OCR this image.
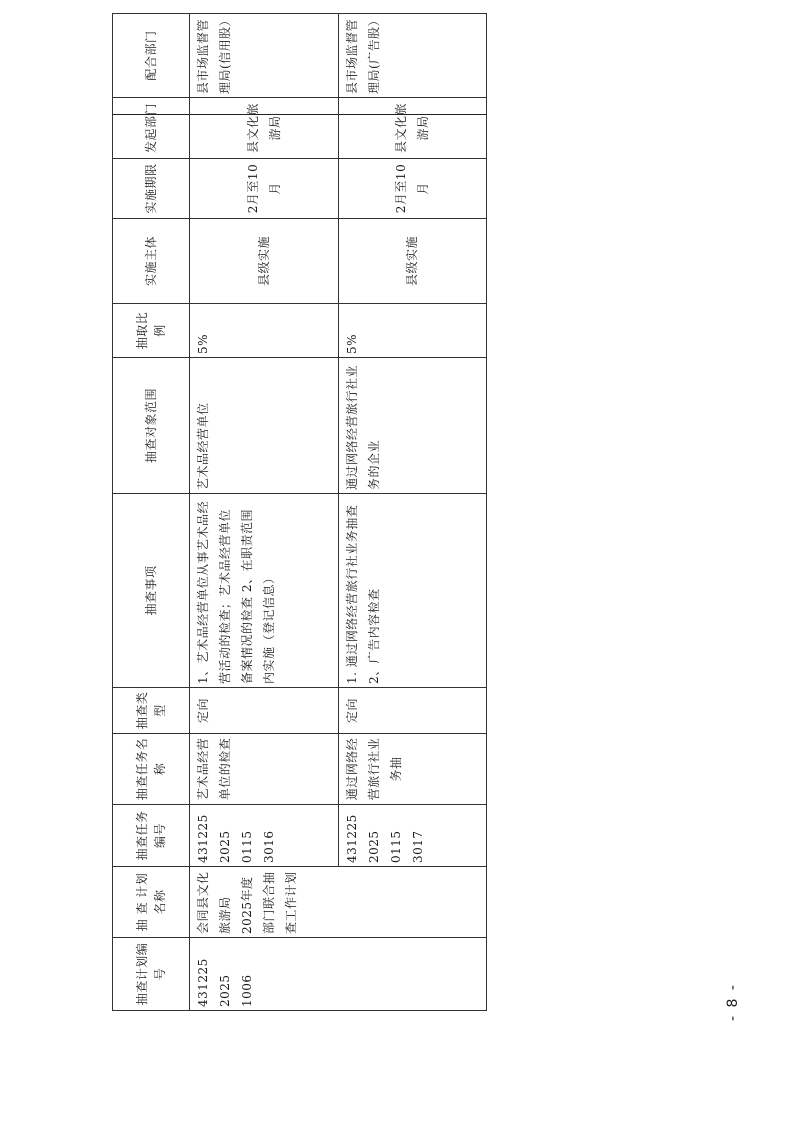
抽查计划编号	抽 查 计划名称	抽查任务编号	抽查任务名称	抽查类型	抽查事项	抽查对象范围	抽取比例	实施主体	实施期限	发起部门	配合部门
431225 2025 1006	会同县文化旅游局2025年度部门联合抽查工作计划	431225 2025 0115 3016	艺术品经营单位的检查	定向	1、艺术品经营单位从事艺术品经营活动的检查；艺术品经营单位备案情况的检查 2、在职责范围内实施（登记信息）	艺术品经营单位	5%	县级实施	2月至10月	县文化旅游局	县市场监督管理局(信用股）
		431225 2025 0115 3017	通过网络经营旅行社业务抽	定向	1. 通过网络经营旅行社业务抽查 2、广告内容检查	通过网络经营旅行社业务的企业	5%	县级实施	2月至10月	县文化旅游局	县市场监督管理局(广告股）
- 8 -
